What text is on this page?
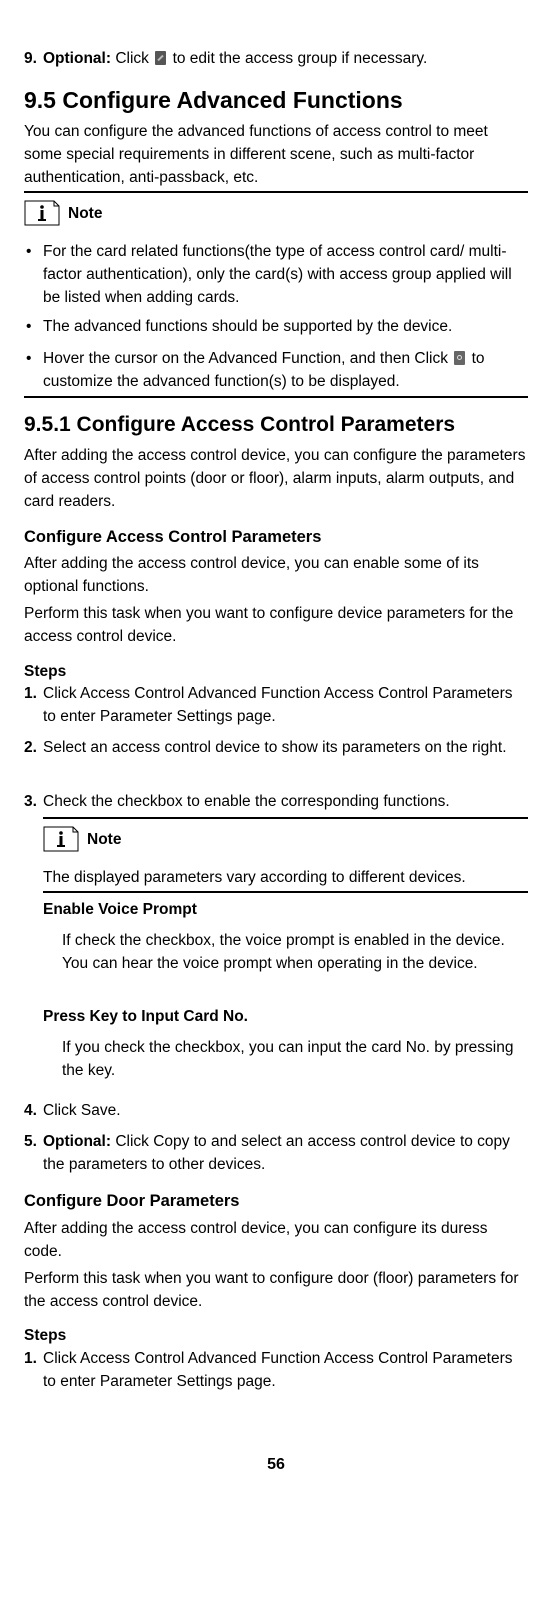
9. Optional: Click to edit the access group if necessary.
9.5 Configure Advanced Functions

You can configure the advanced functions of access control to meet some special requirements in different scene, such as multi-factor authentication, anti-passback, etc.

Note
• For the card related functions(the type of access control card/ multi-factor authentication), only the card(s) with access group applied will be listed when adding cards.
• The advanced functions should be supported by the device.
• Hover the cursor on the Advanced Function, and then Click to customize the advanced function(s) to be displayed.
9.5.1 Configure Access Control Parameters

After adding the access control device, you can configure the parameters of access control points (door or floor), alarm inputs, alarm outputs, and card readers.

Configure Access Control Parameters

After adding the access control device, you can enable some of its optional functions.

Perform this task when you want to configure device parameters for the access control device.

Steps

1. Click Access Control Advanced Function Access Control Parameters to enter Parameter Settings page.
2. Select an access control device to show its parameters on the right.
3. Check the checkbox to enable the corresponding functions.
Note

The displayed parameters vary according to different devices.

Enable Voice Prompt

If check the checkbox, the voice prompt is enabled in the device. You can hear the voice prompt when operating in the device.

Press Key to Input Card No.

If you check the checkbox, you can input the card No. by pressing the key.

4. Click Save.
5. Optional: Click Copy to and select an access control device to copy the parameters to other devices.
Configure Door Parameters

After adding the access control device, you can configure its duress code.

Perform this task when you want to configure door (floor) parameters for the access control device.

Steps

1. Click Access Control Advanced Function Access Control Parameters to enter Parameter Settings page.
56
